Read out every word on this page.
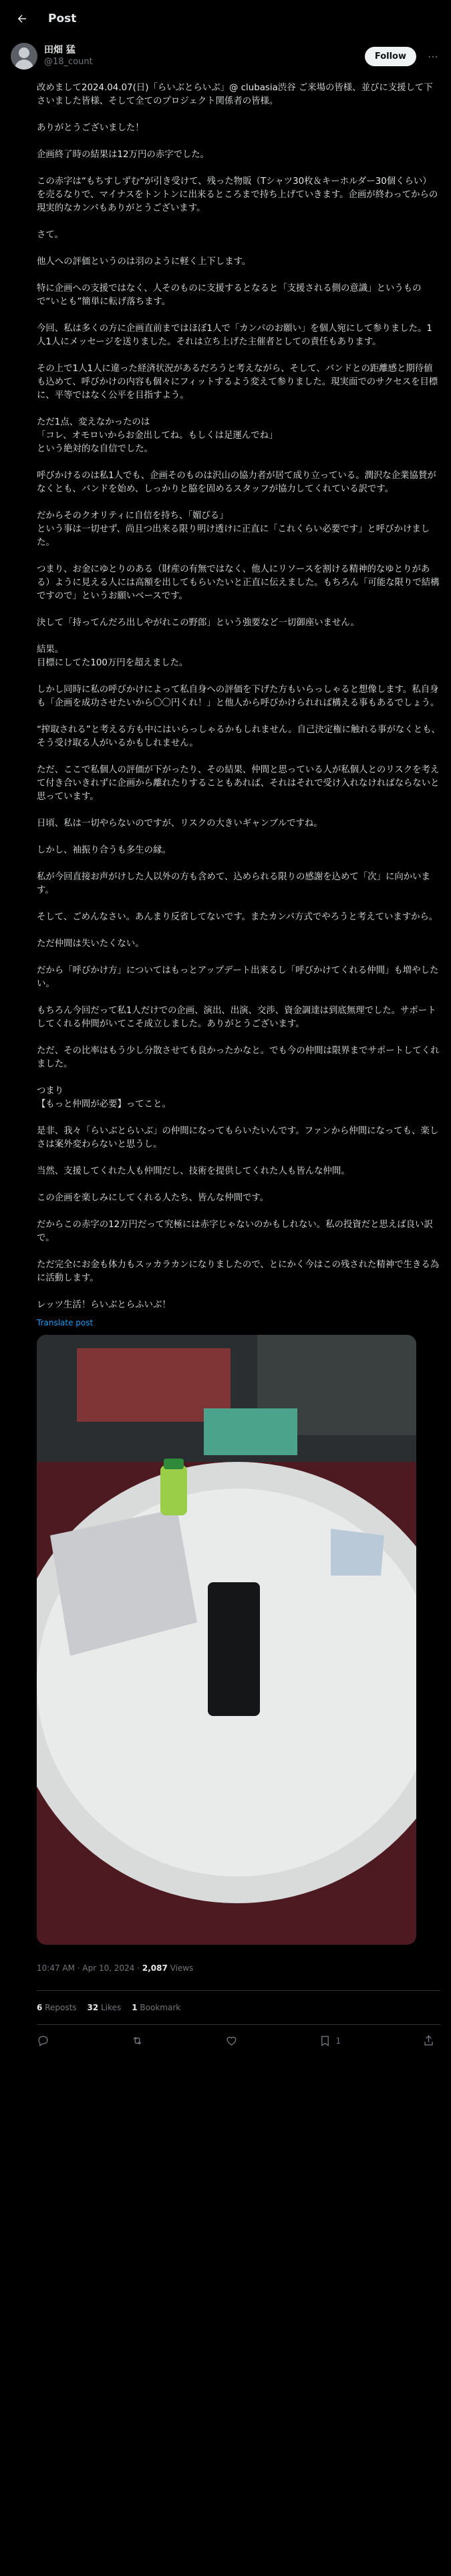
Post
田畑 猛
@18_count
Follow	⋯
改めまして2024.04.07(日)「らいぶとらいぶ」@ clubasia渋谷 ご来場の皆様、並びに支援して下さいました皆様、そして全てのプロジェクト関係者の皆様。
ありがとうございました！
企画終了時の結果は12万円の赤字でした。
この赤字は“もちすしずむ”が引き受けて、残った物販（Tシャツ30枚＆キーホルダー30個くらい）を売るなりで、マイナスをトントンに出来るところまで持ち上げていきます。企画が終わってからの現実的なカンパもありがとうございます。
さて。
他人への評価というのは羽のように軽く上下します。
特に企画への支援ではなく、人そのものに支援するとなると「支援される側の意識」というもので“いとも”簡単に転げ落ちます。
今回、私は多くの方に企画直前まではほぼ1人で「カンパのお願い」を個人宛にして参りました。1人1人にメッセージを送りました。それは立ち上げた主催者としての責任もあります。
その上で1人1人に違った経済状況があるだろうと考えながら、そして、バンドとの距離感と期待値も込めて、呼びかけの内容も個々にフィットするよう変えて参りました。現実面でのサクセスを目標に、平等ではなく公平を目指すよう。
ただ1点、変えなかったのは
「コレ、オモロいからお金出してね。もしくは足運んでね」
という絶対的な自信でした。
呼びかけるのは私1人でも、企画そのものは沢山の協力者が居て成り立っている。潤沢な企業協賛がなくとも、バンドを始め、しっかりと脇を固めるスタッフが協力してくれている訳です。
だからそのクオリティに自信を持ち、「媚びる」
という事は一切せず、尚且つ出来る限り明け透けに正直に「これくらい必要です」と呼びかけました。
つまり、お金にゆとりのある（財産の有無ではなく、他人にリソースを割ける精神的なゆとりがある）ように見える人には高額を出してもらいたいと正直に伝えました。もちろん「可能な限りで結構ですので」というお願いベースです。
決して「持ってんだろ出しやがれこの野郎」という強要など一切御座いません。
結果。
目標にしてた100万円を超えました。
しかし同時に私の呼びかけによって私自身への評価を下げた方もいらっしゃると想像します。私自身も「企画を成功させたいから〇〇円くれ！」と他人から呼びかけられれば構える事もあるでしょう。
“搾取される”と考える方も中にはいらっしゃるかもしれません。自己決定権に触れる事がなくとも、そう受け取る人がいるかもしれません。
ただ、ここで私個人の評価が下がったり、その結果、仲間と思っている人が私個人とのリスクを考えて付き合いきれずに企画から離れたりすることもあれば、それはそれで受け入れなければならないと思っています。
日頃、私は一切やらないのですが、リスクの大きいギャンブルですね。
しかし、袖振り合うも多生の縁。
私が今回直接お声がけした人以外の方も含めて、込められる限りの感謝を込めて「次」に向かいます。
そして、ごめんなさい。あんまり反省してないです。またカンパ方式でやろうと考えていますから。
ただ仲間は失いたくない。
だから「呼びかけ方」についてはもっとアップデート出来るし「呼びかけてくれる仲間」も増やしたい。
もちろん今回だって私1人だけでの企画、演出、出演、交渉、資金調達は到底無理でした。サポートしてくれる仲間がいてこそ成立しました。ありがとうございます。
ただ、その比率はもう少し分散させても良かったかなと。でも今の仲間は限界までサポートしてくれました。
つまり
【もっと仲間が必要】ってこと。
是非、我々「らいぶとらいぶ」の仲間になってもらいたいんです。ファンから仲間になっても、楽しさは案外変わらないと思うし。
当然、支援してくれた人も仲間だし、技術を提供してくれた人も皆んな仲間。
この企画を楽しみにしてくれる人たち、皆んな仲間です。
だからこの赤字の12万円だって究極には赤字じゃないのかもしれない。私の投資だと思えば良い訳で。
ただ完全にお金も体力もスッカラカンになりましたので、とにかく今はこの残された精神で生きる為に活動します。
レッツ生活！らいぶとらふいぶ！
Translate post
10:47 AM · Apr 10, 2024 · 2,087 Views
6 Reposts 32 Likes 1 Bookmark
1
